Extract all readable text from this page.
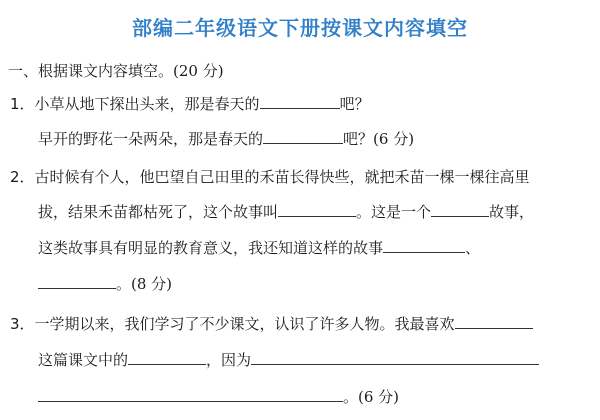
部编二年级语文下册按课文内容填空
一、根据课文内容填空。(20 分)
1．小草从地下探出头来，那是春天的	吧？
早开的野花一朵两朵，那是春天的	吧？(6 分)
2．古时候有个人，他巴望自己田里的禾苗长得快些，就把禾苗一棵一棵往高里
拔，结果禾苗都枯死了，这个故事叫	。这是一个	故事，
这类故事具有明显的教育意义，我还知道这样的故事	、
。(8 分)
3．一学期以来，我们学习了不少课文，认识了许多人物。我最喜欢
这篇课文中的	，因为
。(6 分)
